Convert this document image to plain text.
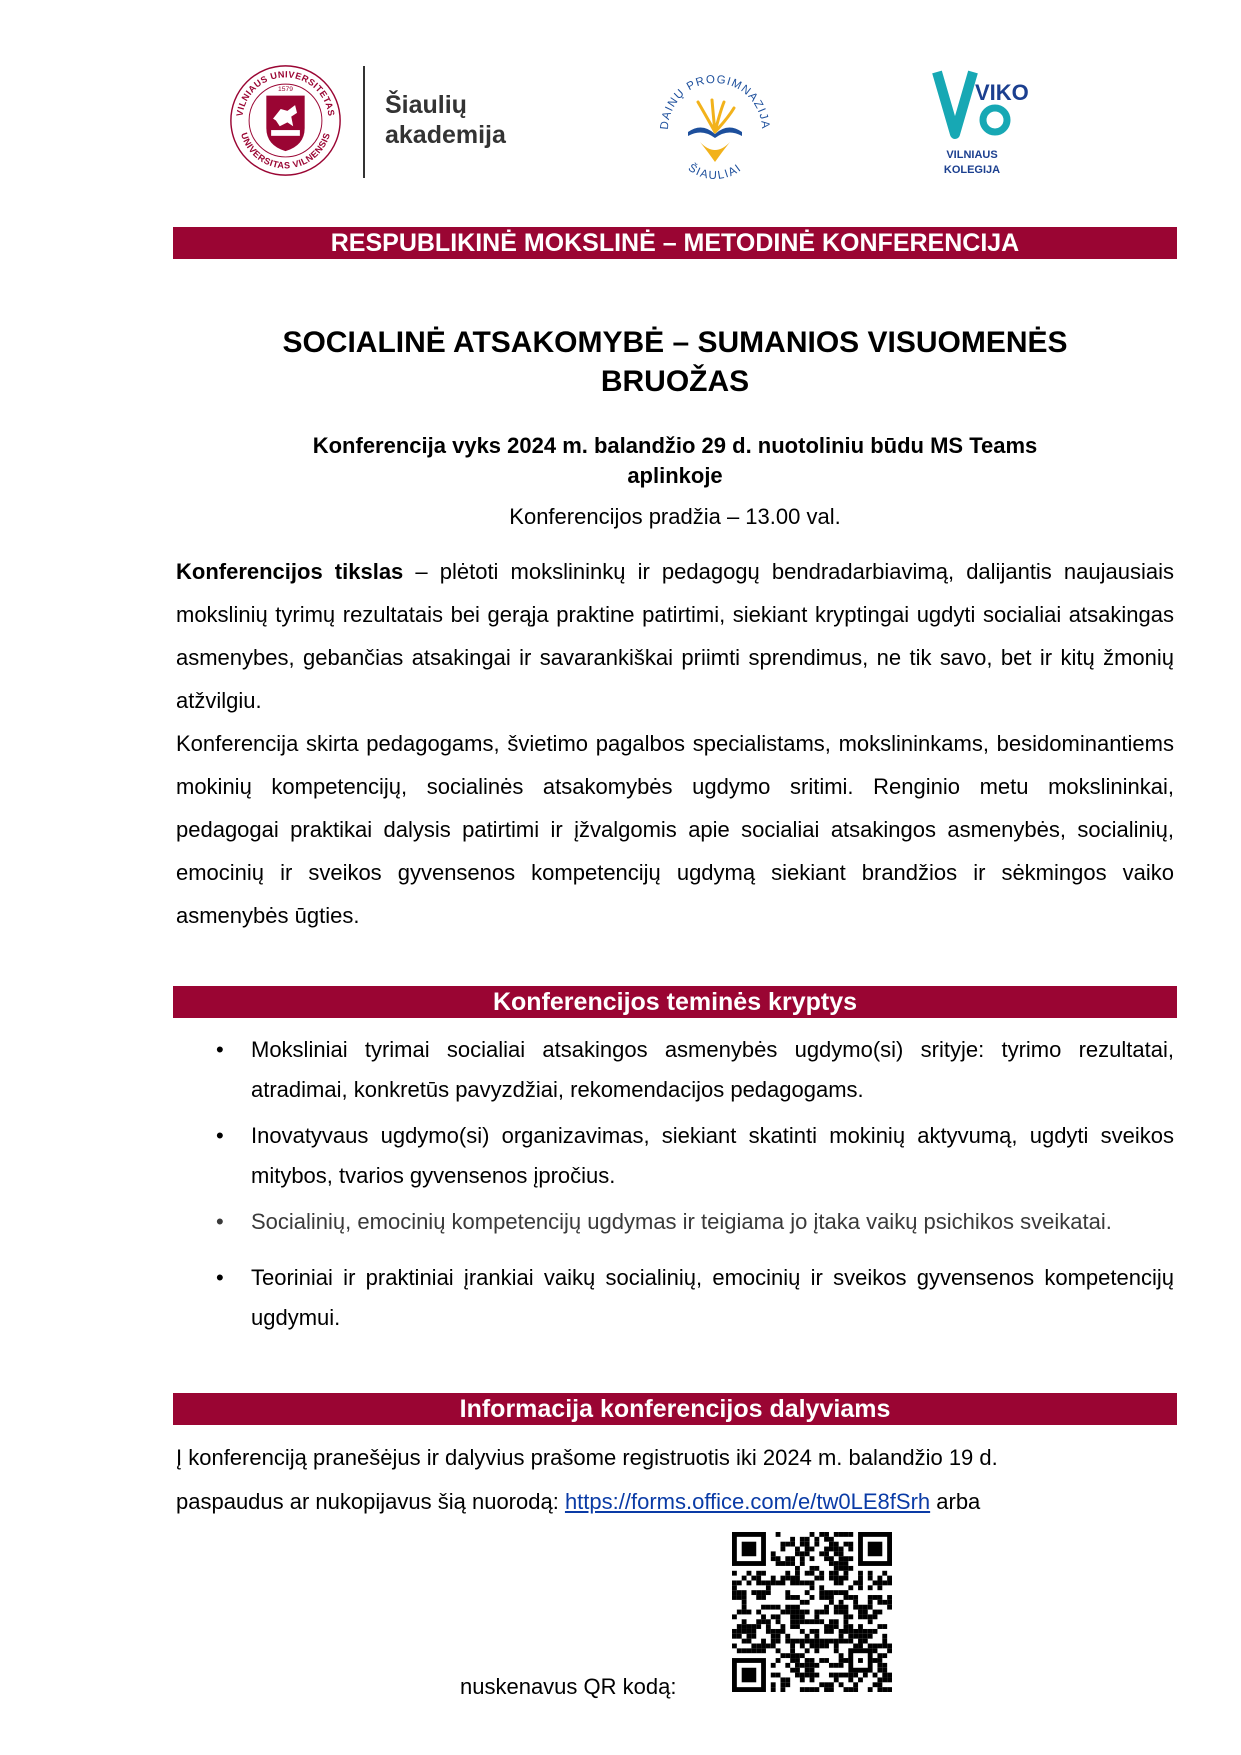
VILNIAUS UNIVERSITETAS
UNIVERSITAS VILNENSIS
1579
Šiaulių
akademija	DAINŲ PROGIMNAZIJA
ŠIAULIAI
VIKO
VILNIAUS
KOLEGIJA
RESPUBLIKINĖ MOKSLINĖ – METODINĖ KONFERENCIJA
SOCIALINĖ ATSAKOMYBĖ – SUMANIOS VISUOMENĖS
BRUOŽAS
Konferencija vyks 2024 m. balandžio 29 d. nuotoliniu būdu MS Teams
aplinkoje
Konferencijos pradžia – 13.00 val.

Konferencijos tikslas – plėtoti mokslininkų ir pedagogų bendradarbiavimą, dalijantis naujausiais mokslinių tyrimų rezultatais bei gerąja praktine patirtimi, siekiant kryptingai ugdyti socialiai atsakingas asmenybes, gebančias atsakingai ir savarankiškai priimti sprendimus, ne tik savo, bet ir kitų žmonių atžvilgiu.

Konferencija skirta pedagogams, švietimo pagalbos specialistams, mokslininkams, besidominantiems mokinių kompetencijų, socialinės atsakomybės ugdymo sritimi. Renginio metu mokslininkai, pedagogai praktikai dalysis patirtimi ir įžvalgomis apie socialiai atsakingos asmenybės, socialinių, emocinių ir sveikos gyvensenos kompetencijų ugdymą siekiant brandžios ir sėkmingos vaiko asmenybės ūgties.

Konferencijos teminės kryptys
• Moksliniai tyrimai socialiai atsakingos asmenybės ugdymo(si) srityje: tyrimo rezultatai, atradimai, konkretūs pavyzdžiai, rekomendacijos pedagogams.
• Inovatyvaus ugdymo(si) organizavimas, siekiant skatinti mokinių aktyvumą, ugdyti sveikos mitybos, tvarios gyvensenos įpročius.
• Socialinių, emocinių kompetencijų ugdymas ir teigiama jo įtaka vaikų psichikos sveikatai.
• Teoriniai ir praktiniai įrankiai vaikų socialinių, emocinių ir sveikos gyvensenos kompetencijų ugdymui.
Informacija konferencijos dalyviams
Į konferenciją pranešėjus ir dalyvius prašome registruotis iki 2024 m. balandžio 19 d.
paspaudus ar nukopijavus šią nuorodą: https://forms.office.com/e/tw0LE8fSrh arba
nuskenavus QR kodą:
